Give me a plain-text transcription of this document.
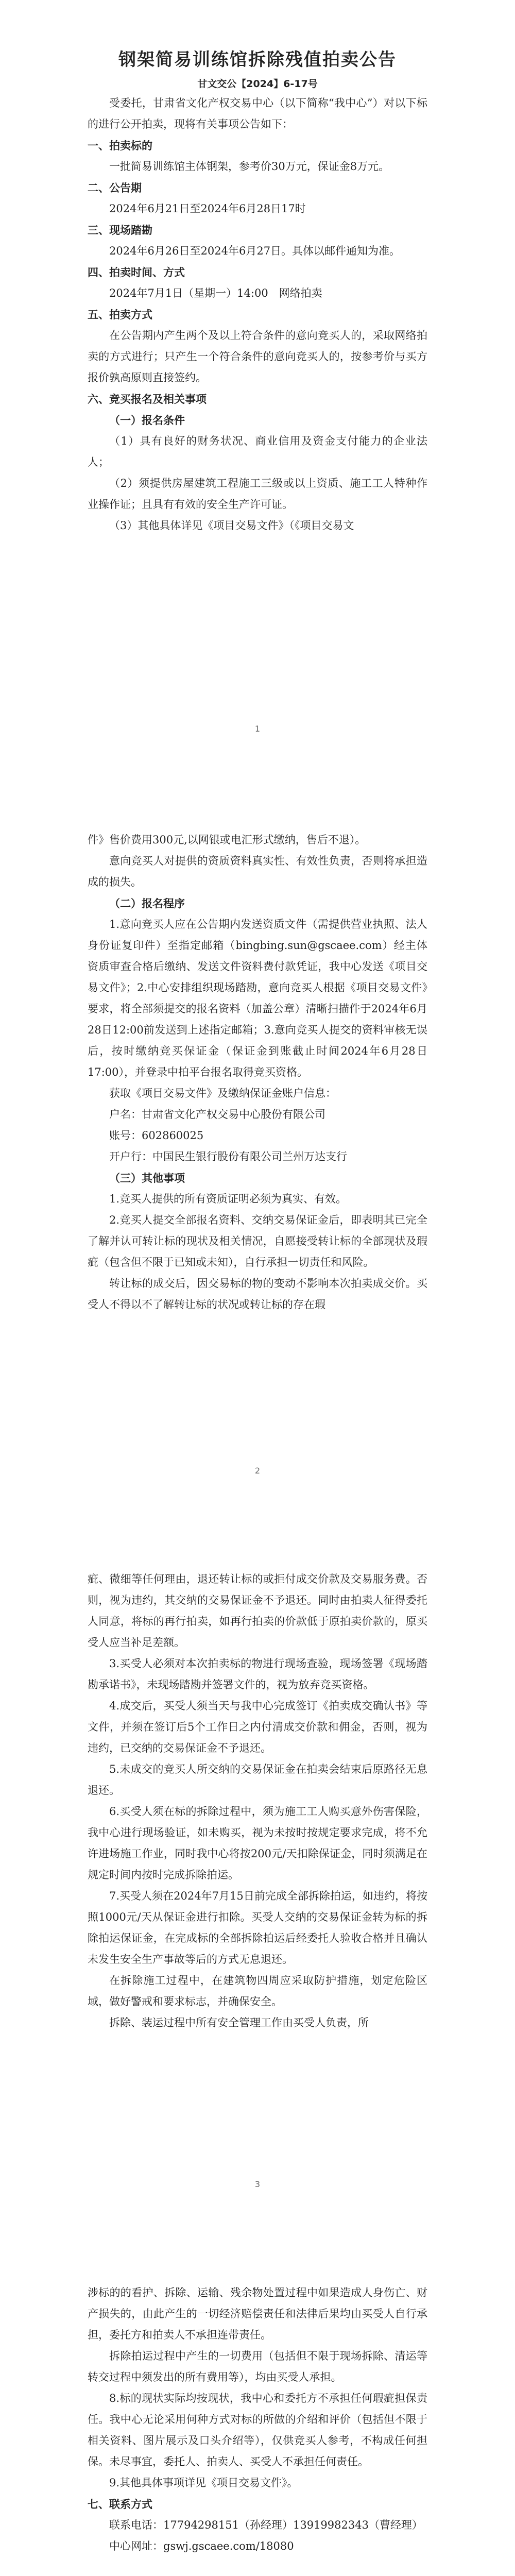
钢架简易训练馆拆除残值拍卖公告
甘文交公【2024】6-17号

受委托，甘肃省文化产权交易中心（以下简称“我中心”）对以下标的进行公开拍卖，现将有关事项公告如下：

一、拍卖标的

一批简易训练馆主体钢架，参考价30万元，保证金8万元。

二、公告期

2024年6月21日至2024年6月28日17时

三、现场踏勘

2024年6月26日至2024年6月27日。具体以邮件通知为准。

四、拍卖时间、方式

2024年7月1日（星期一）14:00　网络拍卖

五、拍卖方式

在公告期内产生两个及以上符合条件的意向竞买人的，采取网络拍卖的方式进行；只产生一个符合条件的意向竞买人的，按参考价与买方报价孰高原则直接签约。

六、竞买报名及相关事项

（一）报名条件

（1）具有良好的财务状况、商业信用及资金支付能力的企业法人；

（2）须提供房屋建筑工程施工三级或以上资质、施工工人特种作业操作证；且具有有效的安全生产许可证。

（3）其他具体详见《项目交易文件》（《项目交易文

1

件》售价费用300元,以网银或电汇形式缴纳，售后不退）。

意向竞买人对提供的资质资料真实性、有效性负责，否则将承担造成的损失。

（二）报名程序

1.意向竞买人应在公告期内发送资质文件（需提供营业执照、法人身份证复印件）至指定邮箱（bingbing.sun@gscaee.com）经主体资质审查合格后缴纳、发送文件资料费付款凭证，我中心发送《项目交易文件》；2.中心安排组织现场踏勘，意向竞买人根据《项目交易文件》要求，将全部须提交的报名资料（加盖公章）清晰扫描件于2024年6月28日12:00前发送到上述指定邮箱；3.意向竞买人提交的资料审核无误后，按时缴纳竞买保证金（保证金到账截止时间2024年6月28日17:00），并登录中拍平台报名取得竞买资格。

获取《项目交易文件》及缴纳保证金账户信息：

户名：甘肃省文化产权交易中心股份有限公司

账号：602860025

开户行：中国民生银行股份有限公司兰州万达支行

（三）其他事项

1.竞买人提供的所有资质证明必须为真实、有效。

2.竞买人提交全部报名资料、交纳交易保证金后，即表明其已完全了解并认可转让标的现状及相关情况，自愿接受转让标的全部现状及瑕疵（包含但不限于已知或未知），自行承担一切责任和风险。

转让标的成交后，因交易标的物的变动不影响本次拍卖成交价。买受人不得以不了解转让标的状况或转让标的存在瑕

2

疵、微细等任何理由，退还转让标的或拒付成交价款及交易服务费。否则，视为违约，其交纳的交易保证金不予退还。同时由拍卖人征得委托人同意，将标的再行拍卖，如再行拍卖的价款低于原拍卖价款的，原买受人应当补足差额。

3.买受人必须对本次拍卖标的物进行现场查验，现场签署《现场踏勘承诺书》，未现场踏勘并签署文件的，视为放弃竞买资格。

4.成交后，买受人须当天与我中心完成签订《拍卖成交确认书》等文件，并须在签订后5个工作日之内付清成交价款和佣金，否则，视为违约，已交纳的交易保证金不予退还。

5.未成交的竞买人所交纳的交易保证金在拍卖会结束后原路径无息退还。

6.买受人须在标的拆除过程中，须为施工工人购买意外伤害保险，我中心进行现场验证，如未购买，视为未按时按规定要求完成，将不允许进场施工作业，同时我中心将按200元/天扣除保证金，同时须满足在规定时间内按时完成拆除拍运。

7.买受人须在2024年7月15日前完成全部拆除拍运，如违约，将按照1000元/天从保证金进行扣除。买受人交纳的交易保证金转为标的拆除拍运保证金，在完成标的全部拆除拍运后经委托人验收合格并且确认未发生安全生产事故等后的方式无息退还。

在拆除施工过程中，在建筑物四周应采取防护措施，划定危险区域，做好警戒和要求标志，并确保安全。

拆除、装运过程中所有安全管理工作由买受人负责，所

3

涉标的的看护、拆除、运输、残余物处置过程中如果造成人身伤亡、财产损失的，由此产生的一切经济赔偿责任和法律后果均由买受人自行承担，委托方和拍卖人不承担连带责任。

拆除拍运过程中产生的一切费用（包括但不限于现场拆除、清运等转交过程中须发出的所有费用等），均由买受人承担。

8.标的现状实际均按现状，我中心和委托方不承担任何瑕疵担保责任。我中心无论采用何种方式对标的所做的介绍和评价（包括但不限于相关资料、图片展示及口头介绍等），仅供竞买人参考，不构成任何担保。未尽事宜，委托人、拍卖人、买受人不承担任何责任。

9.其他具体事项详见《项目交易文件》。

七、联系方式

联系电话：17794298151（孙经理）13919982343（曹经理）

中心网址：gswj.gscaee.com/18080
